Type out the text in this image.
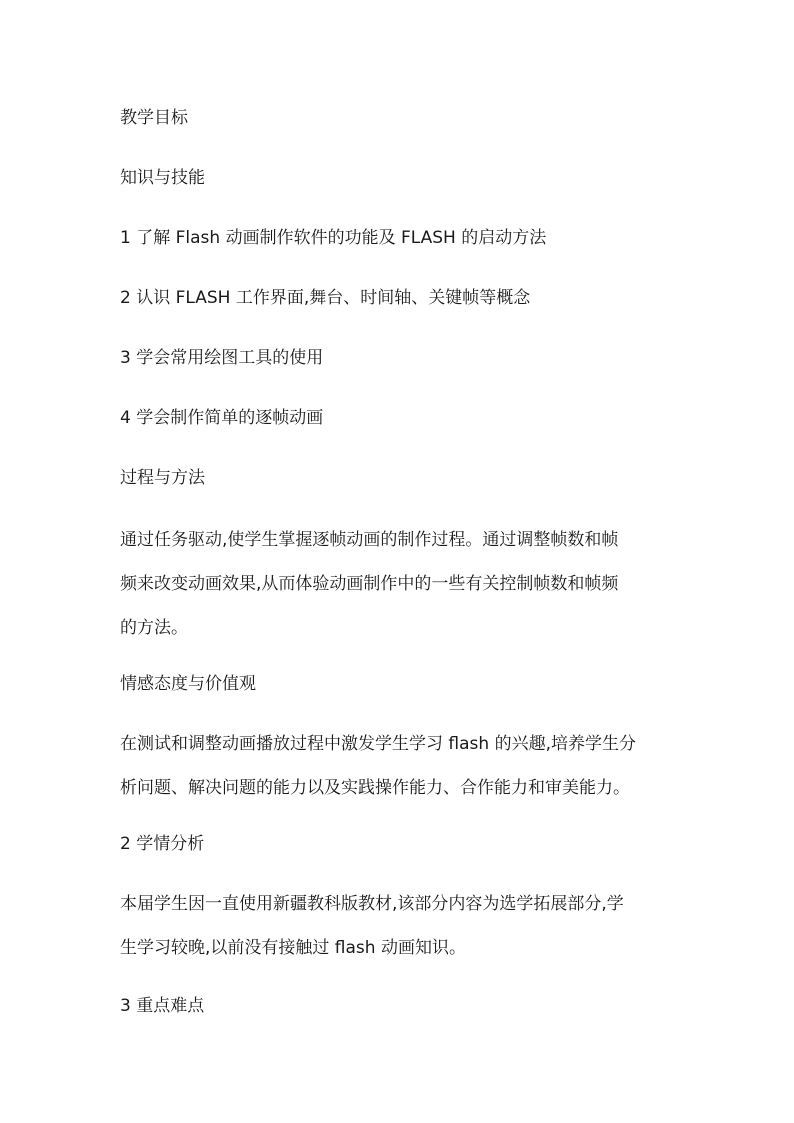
教学目标
知识与技能
1 了解 Flash 动画制作软件的功能及 FLASH 的启动方法
2 认识 FLASH 工作界面,舞台、时间轴、关键帧等概念
3 学会常用绘图工具的使用
4 学会制作简单的逐帧动画
过程与方法
通过任务驱动,使学生掌握逐帧动画的制作过程。通过调整帧数和帧
频来改变动画效果,从而体验动画制作中的一些有关控制帧数和帧频
的方法。
情感态度与价值观
在测试和调整动画播放过程中激发学生学习 flash 的兴趣,培养学生分
析问题、解决问题的能力以及实践操作能力、合作能力和审美能力。
2 学情分析
本届学生因一直使用新疆教科版教材,该部分内容为选学拓展部分,学
生学习较晚,以前没有接触过 flash 动画知识。
3 重点难点
